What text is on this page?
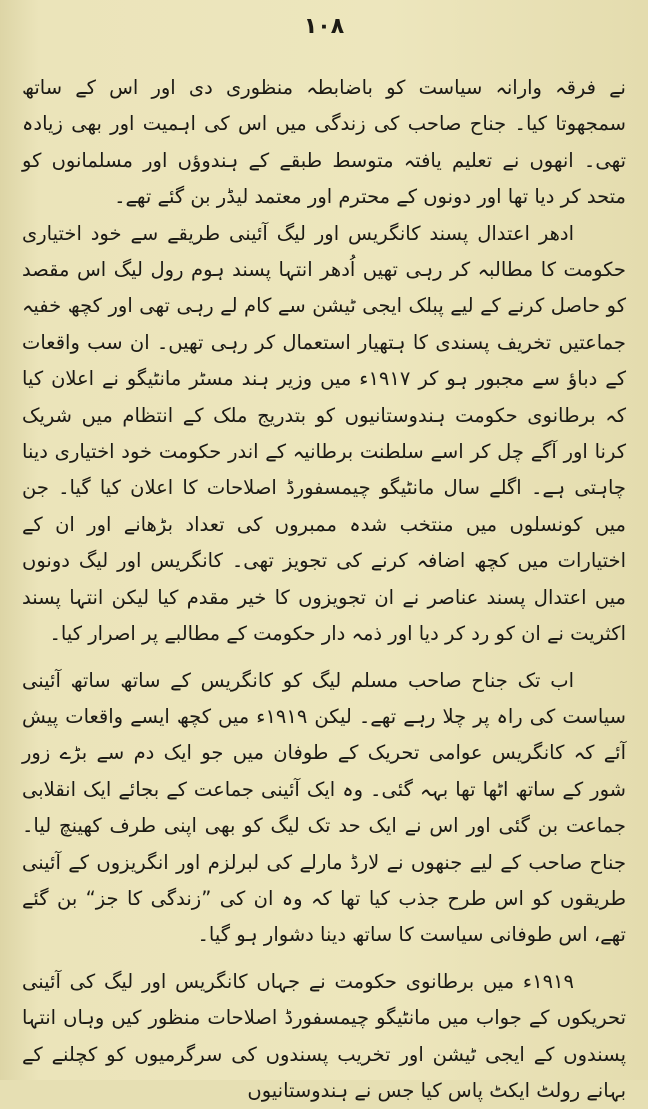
۱۰۸

نے فرقہ وارانہ سیاست کو باضابطہ منظوری دی اور اس کے ساتھ سمجھوتا کیا۔ جناح صاحب کی زندگی میں اس کی اہمیت اور بھی زیادہ تھی۔ انھوں نے تعلیم یافتہ متوسط طبقے کے ہندوؤں اور مسلمانوں کو متحد کر دیا تھا اور دونوں کے محترم اور معتمد لیڈر بن گئے تھے۔

ادھر اعتدال پسند کانگریس اور لیگ آئینی طریقے سے خود اختیاری حکومت کا مطالبہ کر رہی تھیں اُدھر انتہا پسند ہوم رول لیگ اس مقصد کو حاصل کرنے کے لیے پبلک ایجی ٹیشن سے کام لے رہی تھی اور کچھ خفیہ جماعتیں تخریف پسندی کا ہتھیار استعمال کر رہی تھیں۔ ان سب واقعات کے دباؤ سے مجبور ہو کر ۱۹۱۷ء میں وزیر ہند مسٹر مانٹیگو نے اعلان کیا کہ برطانوی حکومت ہندوستانیوں کو بتدریج ملک کے انتظام میں شریک کرنا اور آگے چل کر اسے سلطنت برطانیہ کے اندر حکومت خود اختیاری دینا چاہتی ہے۔ اگلے سال مانٹیگو چیمسفورڈ اصلاحات کا اعلان کیا گیا۔ جن میں کونسلوں میں منتخب شدہ ممبروں کی تعداد بڑھانے اور ان کے اختیارات میں کچھ اضافہ کرنے کی تجویز تھی۔ کانگریس اور لیگ دونوں میں اعتدال پسند عناصر نے ان تجویزوں کا خیر مقدم کیا لیکن انتہا پسند اکثریت نے ان کو رد کر دیا اور ذمہ دار حکومت کے مطالبے پر اصرار کیا۔

اب تک جناح صاحب مسلم لیگ کو کانگریس کے ساتھ ساتھ آئینی سیاست کی راہ پر چلا رہے تھے۔ لیکن ۱۹۱۹ء میں کچھ ایسے واقعات پیش آئے کہ کانگریس عوامی تحریک کے طوفان میں جو ایک دم سے بڑے زور شور کے ساتھ اٹھا تھا بہہ گئی۔ وہ ایک آئینی جماعت کے بجائے ایک انقلابی جماعت بن گئی اور اس نے ایک حد تک لیگ کو بھی اپنی طرف کھینچ لیا۔ جناح صاحب کے لیے جنھوں نے لارڈ مارلے کی لبرلزم اور انگریزوں کے آئینی طریقوں کو اس طرح جذب کیا تھا کہ وہ ان کی ”زندگی کا جز“ بن گئے تھے، اس طوفانی سیاست کا ساتھ دینا دشوار ہو گیا۔

۱۹۱۹ء میں برطانوی حکومت نے جہاں کانگریس اور لیگ کی آئینی تحریکوں کے جواب میں مانٹیگو چیمسفورڈ اصلاحات منظور کیں وہاں انتہا پسندوں کے ایجی ٹیشن اور تخریب پسندوں کی سرگرمیوں کو کچلنے کے بہانے رولٹ ایکٹ پاس کیا جس نے ہندوستانیوں
